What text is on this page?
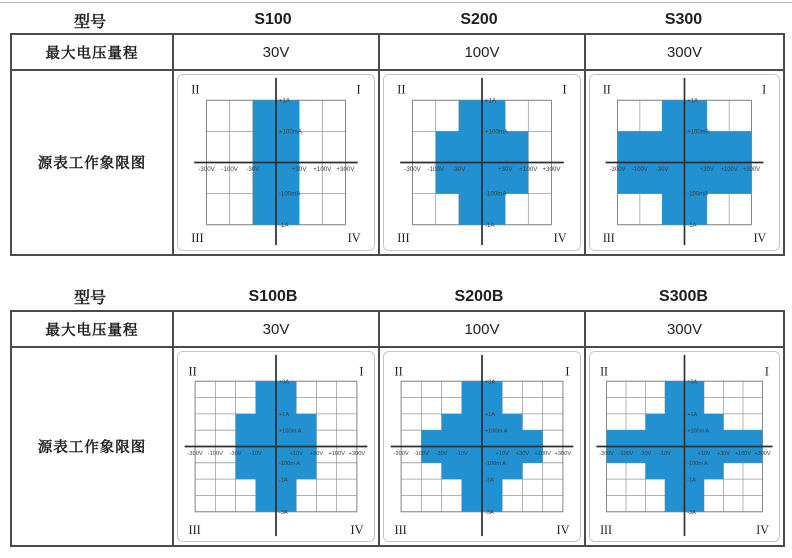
型号	S100	S200	S300
最大电压量程	30V	100V	300V
源表工作象限图	-300V -100V -30V	+30V +100V +300V
+1A
+100mA
-100mA
-1A
II	I
III	IV
-300V -100V -30V	+30V +100V +300V
+1A
+100mA
-100mA
-1A
II	I
III	IV
-300V -100V -30V	+30V +100V +300V
+1A
+100mA
-100mA
-1A
II	I
III	IV
型号	S100B	S200B	S300B
最大电压量程	30V	100V	300V
源表工作象限图	-300V -100V -30V -10V	+10V +30V +100V +300V
+3A
+1A
+100m A
-100m A
-1A
-3A
II	I
III	IV
-300V -100V -30V -10V	+10V +30V +100V +300V
+3A
+1A
+100m A
-100m A
-1A
-3A
II	I
III	IV
-300V -100V -30V -10V	+10V +30V +100V +300V
+3A
+1A
+100m A
-100m A
-1A
-3A
II	I
III	IV
